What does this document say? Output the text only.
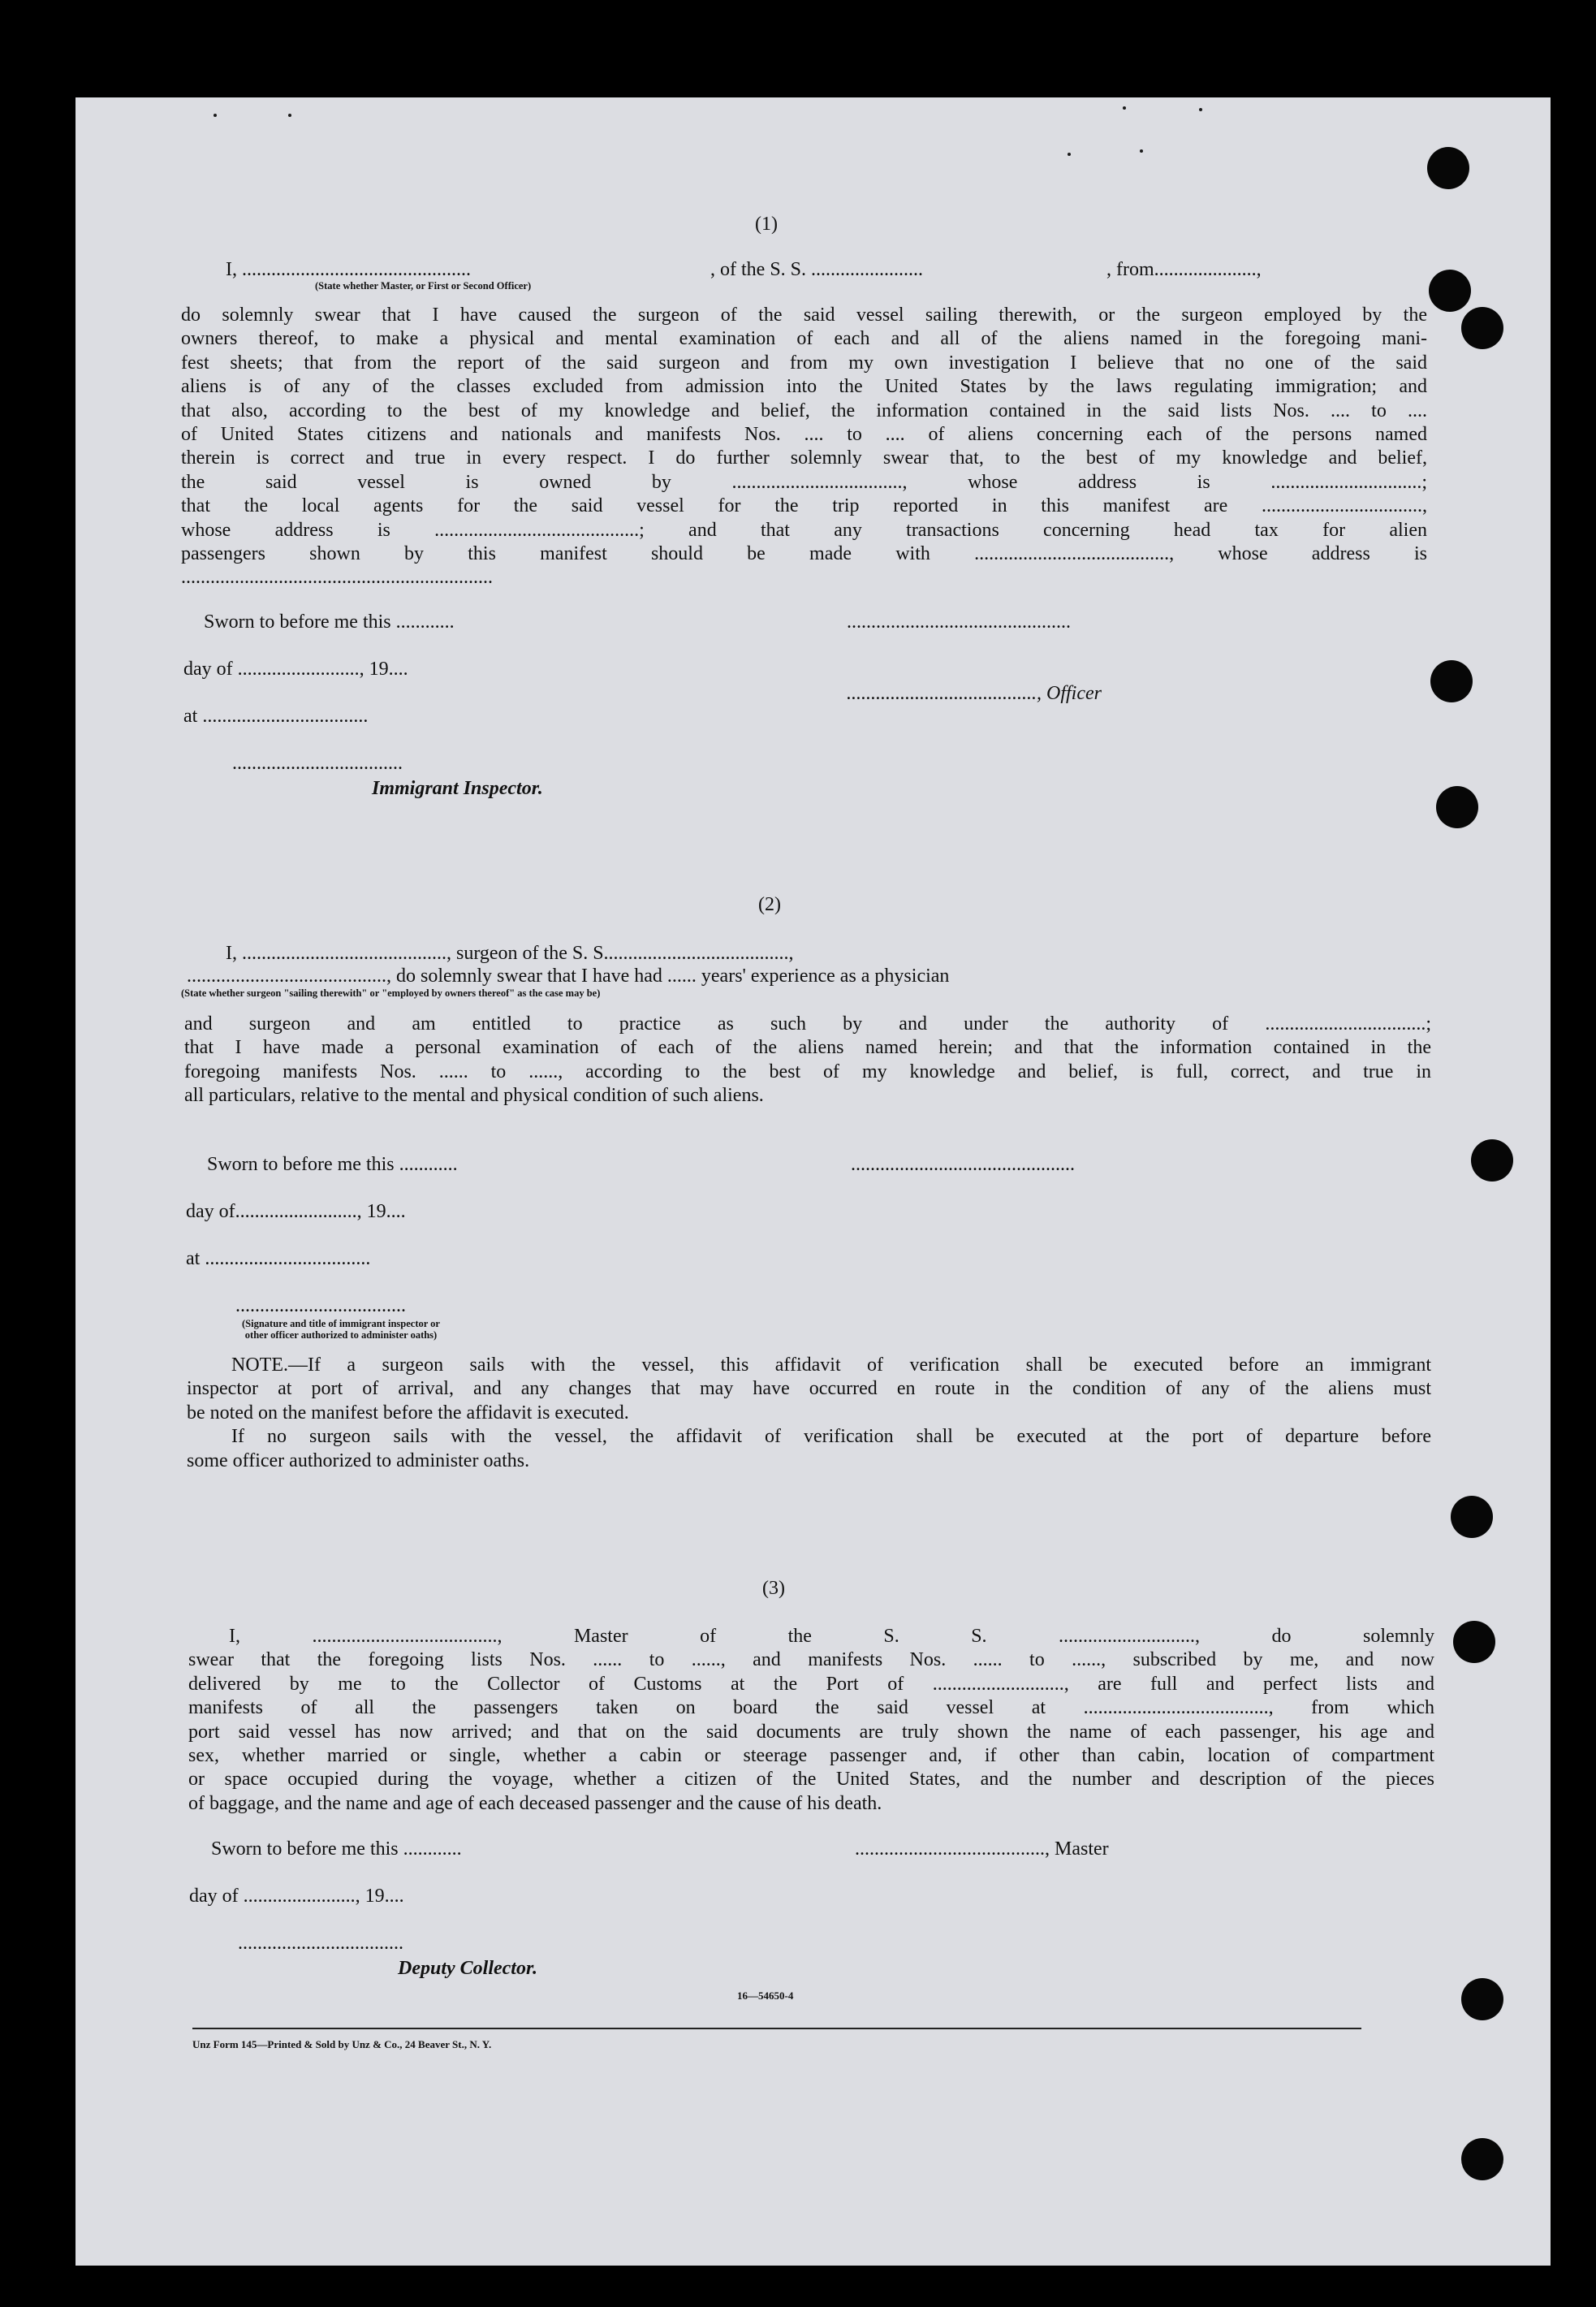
(1)
I, ...............................................	, of the S. S. .......................	, from.....................,
(State whether Master, or First or Second Officer)
do solemnly swear that I have caused the surgeon of the said vessel sailing therewith, or the surgeon employed by the
owners thereof, to make a physical and mental examination of each and all of the aliens named in the foregoing mani-
fest sheets; that from the report of the said surgeon and from my own investigation I believe that no one of the said
aliens is of any of the classes excluded from admission into the United States by the laws regulating immigration; and
that also, according to the best of my knowledge and belief, the information contained in the said lists Nos. .... to ....
of United States citizens and nationals and manifests Nos. .... to .... of aliens concerning each of the persons named
therein is correct and true in every respect. I do further solemnly swear that, to the best of my knowledge and belief,
the said vessel is owned by ..................................., whose address is ...............................;
that the local agents for the said vessel for the trip reported in this manifest are .................................,
whose address is ..........................................; and that any transactions concerning head tax for alien
passengers shown by this manifest should be made with ........................................, whose address is
................................................................
Sworn to before me this ............	..............................................
day of ........................., 19....
......................................., Officer
at ..................................
...................................
Immigrant Inspector.
(2)
I, .........................................., surgeon of the S. S......................................,
........................................., do solemnly swear that I have had ...... years' experience as a physician
(State whether surgeon "sailing therewith" or "employed by owners thereof" as the case may be)
and surgeon and am entitled to practice as such by and under the authority of .................................;
that I have made a personal examination of each of the aliens named herein; and that the information contained in the
foregoing manifests Nos. ...... to ......, according to the best of my knowledge and belief, is full, correct, and true in
all particulars, relative to the mental and physical condition of such aliens.
Sworn to before me this ............	..............................................
day of........................., 19....
at ..................................
...................................
(Signature and title of immigrant inspector or
other officer authorized to administer oaths)
NOTE.—If a surgeon sails with the vessel, this affidavit of verification shall be executed before an immigrant
inspector at port of arrival, and any changes that may have occurred en route in the condition of any of the aliens must
be noted on the manifest before the affidavit is executed.
If no surgeon sails with the vessel, the affidavit of verification shall be executed at the port of departure before
some officer authorized to administer oaths.
(3)
I, ......................................, Master of the S. S. ............................, do solemnly
swear that the foregoing lists Nos. ...... to ......, and manifests Nos. ...... to ......, subscribed by me, and now
delivered by me to the Collector of Customs at the Port of ..........................., are full and perfect lists and
manifests of all the passengers taken on board the said vessel at ......................................, from which
port said vessel has now arrived; and that on the said documents are truly shown the name of each passenger, his age and
sex, whether married or single, whether a cabin or steerage passenger and, if other than cabin, location of compartment
or space occupied during the voyage, whether a citizen of the United States, and the number and description of the pieces
of baggage, and the name and age of each deceased passenger and the cause of his death.
Sworn to before me this ............	......................................., Master
day of ......................., 19....
..................................
Deputy Collector.
16—54650-4
Unz Form 145—Printed & Sold by Unz & Co., 24 Beaver St., N. Y.
